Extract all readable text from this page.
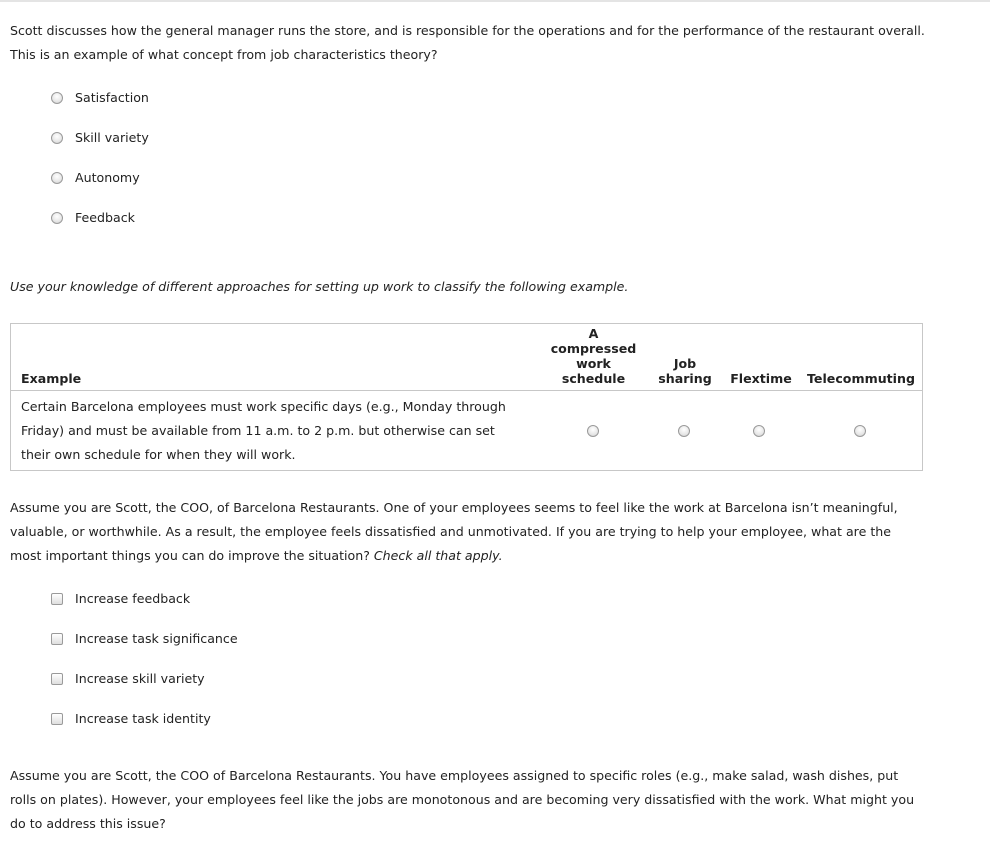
Scott discusses how the general manager runs the store, and is responsible for the operations and for the performance of the restaurant overall. This is an example of what concept from job characteristics theory?

Satisfaction
Skill variety
Autonomy
Feedback
Use your knowledge of different approaches for setting up work to classify the following example.
Example
A
compressed
work
schedule
Job
sharing	Flextime	Telecommuting
Certain Barcelona employees must work specific days (e.g., Monday through Friday) and must be available from 11 a.m. to 2 p.m. but otherwise can set their own schedule for when they will work.

Assume you are Scott, the COO, of Barcelona Restaurants. One of your employees seems to feel like the work at Barcelona isn’t meaningful, valuable, or worthwhile. As a result, the employee feels dissatisfied and unmotivated. If you are trying to help your employee, what are the most important things you can do improve the situation? Check all that apply.

Increase feedback
Increase task significance
Increase skill variety
Increase task identity

Assume you are Scott, the COO of Barcelona Restaurants. You have employees assigned to specific roles (e.g., make salad, wash dishes, put rolls on plates). However, your employees feel like the jobs are monotonous and are becoming very dissatisfied with the work. What might you do to address this issue?
